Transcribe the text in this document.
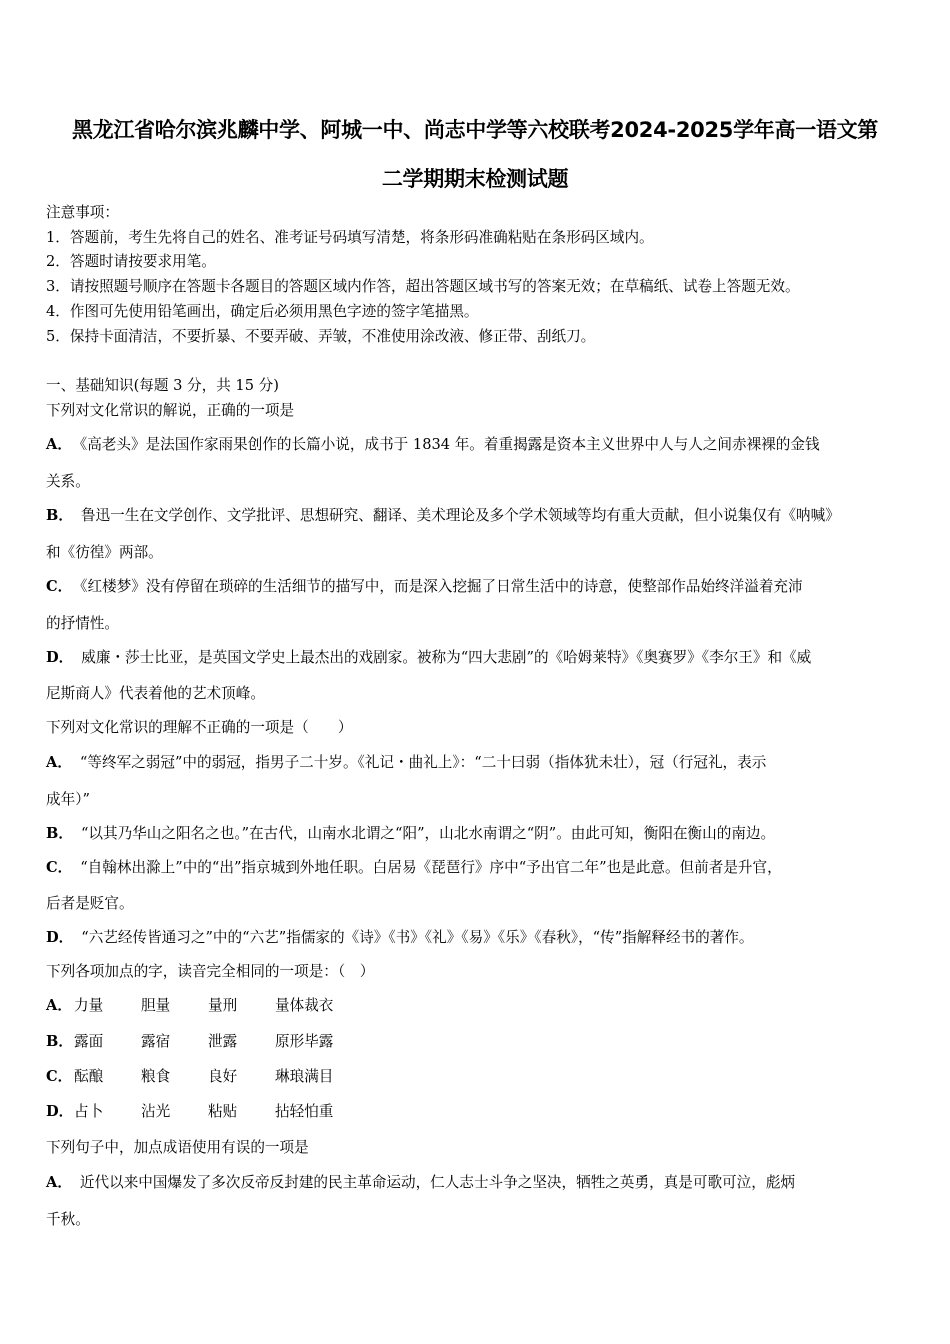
黑龙江省哈尔滨兆麟中学、阿城一中、尚志中学等六校联考2024-2025学年高一语文第
二学期期末检测试题
注意事项：
1．答题前，考生先将自己的姓名、准考证号码填写清楚，将条形码准确粘贴在条形码区域内。
2．答题时请按要求用笔。
3．请按照题号顺序在答题卡各题目的答题区域内作答，超出答题区域书写的答案无效；在草稿纸、试卷上答题无效。
4．作图可先使用铅笔画出，确定后必须用黑色字迹的签字笔描黑。
5．保持卡面清洁，不要折暴、不要弄破、弄皱，不准使用涂改液、修正带、刮纸刀。
一、基础知识(每题 3 分，共 15 分)
下列对文化常识的解说，正确的一项是
A． 《高老头》是法国作家雨果创作的长篇小说，成书于 1834 年。着重揭露是资本主义世界中人与人之间赤裸裸的金钱
关系。
B． 鲁迅一生在文学创作、文学批评、思想研究、翻译、美术理论及多个学术领域等均有重大贡献，但小说集仅有《呐喊》
和《彷徨》两部。
C． 《红楼梦》没有停留在琐碎的生活细节的描写中，而是深入挖掘了日常生活中的诗意，使整部作品始终洋溢着充沛
的抒情性。
D． 威廉・莎士比亚，是英国文学史上最杰出的戏剧家。被称为“四大悲剧”的《哈姆莱特》《奥赛罗》《李尔王》和《威
尼斯商人》代表着他的艺术顶峰。
下列对文化常识的理解不正确的一项是（　　）
A． “等终军之弱冠”中的弱冠，指男子二十岁。《礼记・曲礼上》：“二十曰弱（指体犹未壮），冠（行冠礼，表示
成年）”
B． “以其乃华山之阳名之也。”在古代，山南水北谓之“阳”，山北水南谓之“阴”。由此可知，衡阳在衡山的南边。
C． “自翰林出滁上”中的“出”指京城到外地任职。白居易《琵琶行》序中“予出官二年”也是此意。但前者是升官，
后者是贬官。
D． “六艺经传皆通习之”中的“六艺”指儒家的《诗》《书》《礼》《易》《乐》《春秋》，“传”指解释经书的著作。
下列各项加点的字，读音完全相同的一项是：（　）
A． 力量	胆量	量刑	量体裁衣
B．露面	露宿	泄露	原形毕露
C． 酝酿	粮食	良好	琳琅满目
D．占卜	沾光	粘贴	拈轻怕重
下列句子中，加点成语使用有误的一项是
A． 近代以来中国爆发了多次反帝反封建的民主革命运动，仁人志士斗争之坚决，牺牲之英勇，真是可歌可泣，彪炳
千秋。
